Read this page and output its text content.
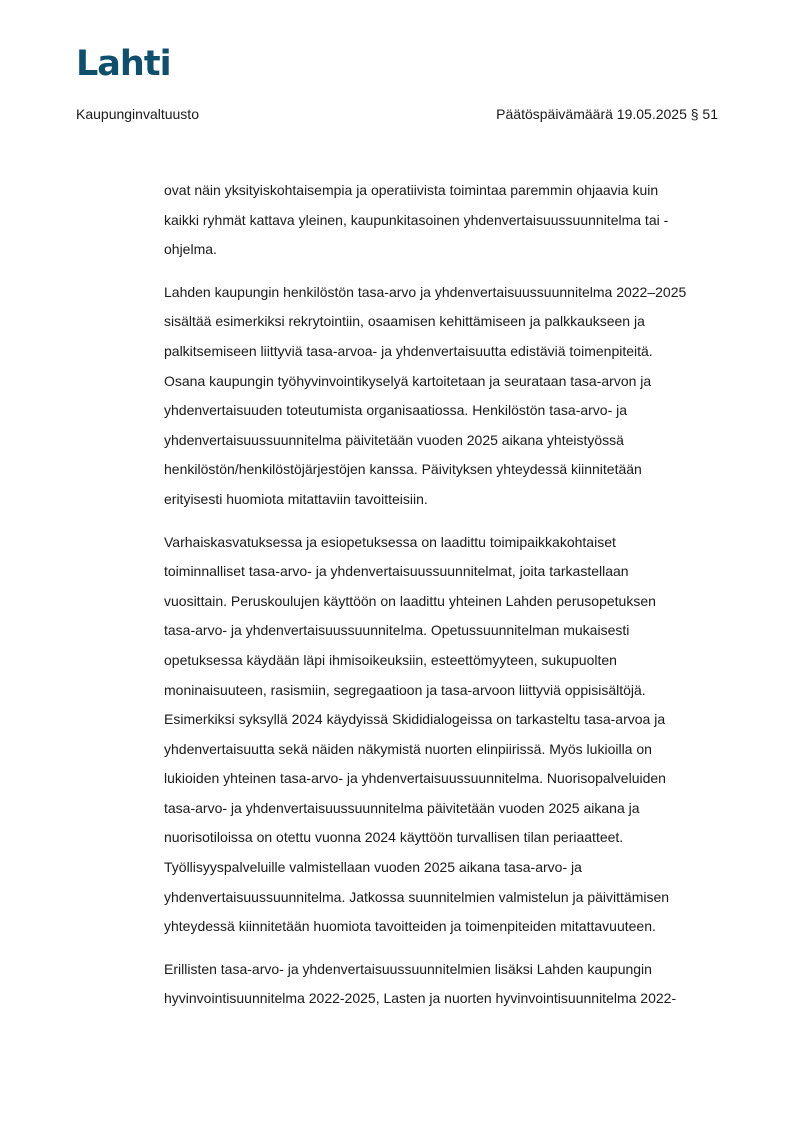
Lahti
Kaupunginvaltuusto	Päätöspäivämäärä 19.05.2025 § 51

ovat näin yksityiskohtaisempia ja operatiivista toimintaa paremmin ohjaavia kuin
kaikki ryhmät kattava yleinen, kaupunkitasoinen yhdenvertaisuussuunnitelma tai -
ohjelma.

Lahden kaupungin henkilöstön tasa-arvo ja yhdenvertaisuussuunnitelma 2022–2025
sisältää esimerkiksi rekrytointiin, osaamisen kehittämiseen ja palkkaukseen ja
palkitsemiseen liittyviä tasa-arvoa- ja yhdenvertaisuutta edistäviä toimenpiteitä.
Osana kaupungin työhyvinvointikyselyä kartoitetaan ja seurataan tasa-arvon ja
yhdenvertaisuuden toteutumista organisaatiossa. Henkilöstön tasa-arvo- ja
yhdenvertaisuussuunnitelma päivitetään vuoden 2025 aikana yhteistyössä
henkilöstön/henkilöstöjärjestöjen kanssa. Päivityksen yhteydessä kiinnitetään
erityisesti huomiota mitattaviin tavoitteisiin.

Varhaiskasvatuksessa ja esiopetuksessa on laadittu toimipaikkakohtaiset
toiminnalliset tasa-arvo- ja yhdenvertaisuussuunnitelmat, joita tarkastellaan
vuosittain. Peruskoulujen käyttöön on laadittu yhteinen Lahden perusopetuksen
tasa-arvo- ja yhdenvertaisuussuunnitelma. Opetussuunnitelman mukaisesti
opetuksessa käydään läpi ihmisoikeuksiin, esteettömyyteen, sukupuolten
moninaisuuteen, rasismiin, segregaatioon ja tasa-arvoon liittyviä oppisisältöjä.
Esimerkiksi syksyllä 2024 käydyissä Skididialogeissa on tarkasteltu tasa-arvoa ja
yhdenvertaisuutta sekä näiden näkymistä nuorten elinpiirissä. Myös lukioilla on
lukioiden yhteinen tasa-arvo- ja yhdenvertaisuussuunnitelma. Nuorisopalveluiden
tasa-arvo- ja yhdenvertaisuussuunnitelma päivitetään vuoden 2025 aikana ja
nuorisotiloissa on otettu vuonna 2024 käyttöön turvallisen tilan periaatteet.
Työllisyyspalveluille valmistellaan vuoden 2025 aikana tasa-arvo- ja
yhdenvertaisuussuunnitelma. Jatkossa suunnitelmien valmistelun ja päivittämisen
yhteydessä kiinnitetään huomiota tavoitteiden ja toimenpiteiden mitattavuuteen.

Erillisten tasa-arvo- ja yhdenvertaisuussuunnitelmien lisäksi Lahden kaupungin
hyvinvointisuunnitelma 2022-2025, Lasten ja nuorten hyvinvointisuunnitelma 2022-
